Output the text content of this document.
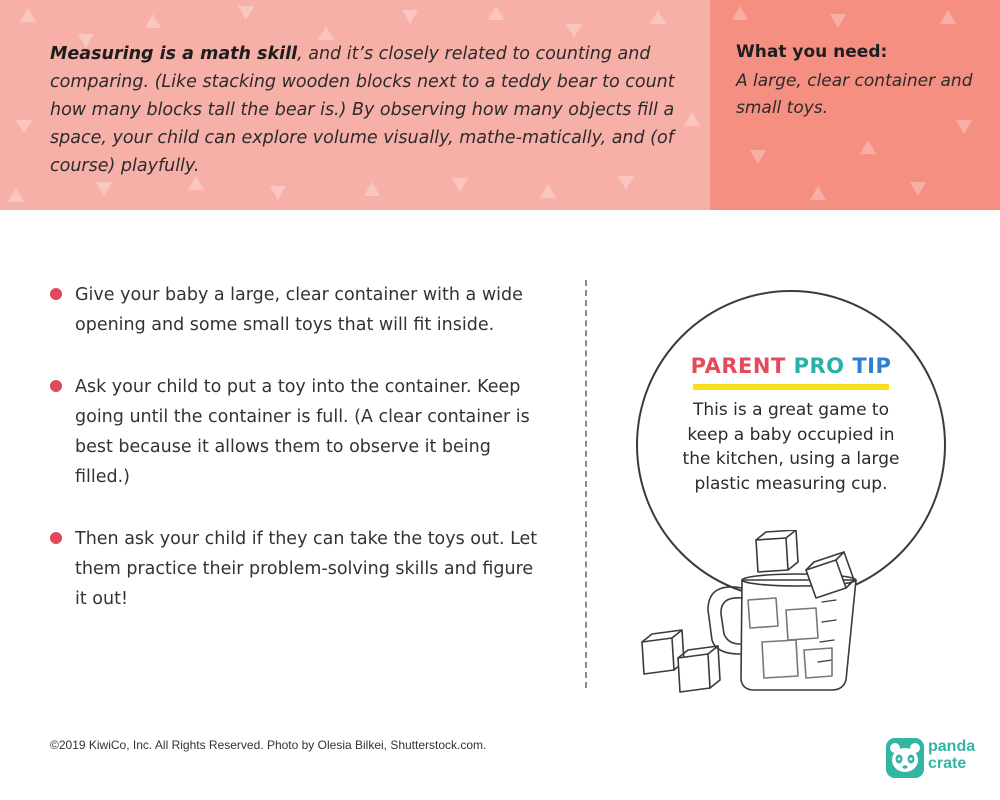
Measuring is a math skill, and it’s closely related to counting and comparing. (Like stacking wooden blocks next to a teddy bear to count how many blocks tall the bear is.) By observing how many objects fill a space, your child can explore volume visually, mathe-matically, and (of course) playfully.
What you need:
A large, clear container and small toys.
Give your baby a large, clear container with a wide opening and some small toys that will fit inside.
Ask your child to put a toy into the container. Keep going until the container is full. (A clear container is best because it allows them to observe it being filled.)
Then ask your child if they can take the toys out. Let them practice their problem-solving skills and figure it out!
PARENT PRO TIP
This is a great game to keep a baby occupied in the kitchen, using a large plastic measuring cup.
©2019 KiwiCo, Inc. All Rights Reserved. Photo by Olesia Bilkei, Shutterstock.com.	panda
crate
